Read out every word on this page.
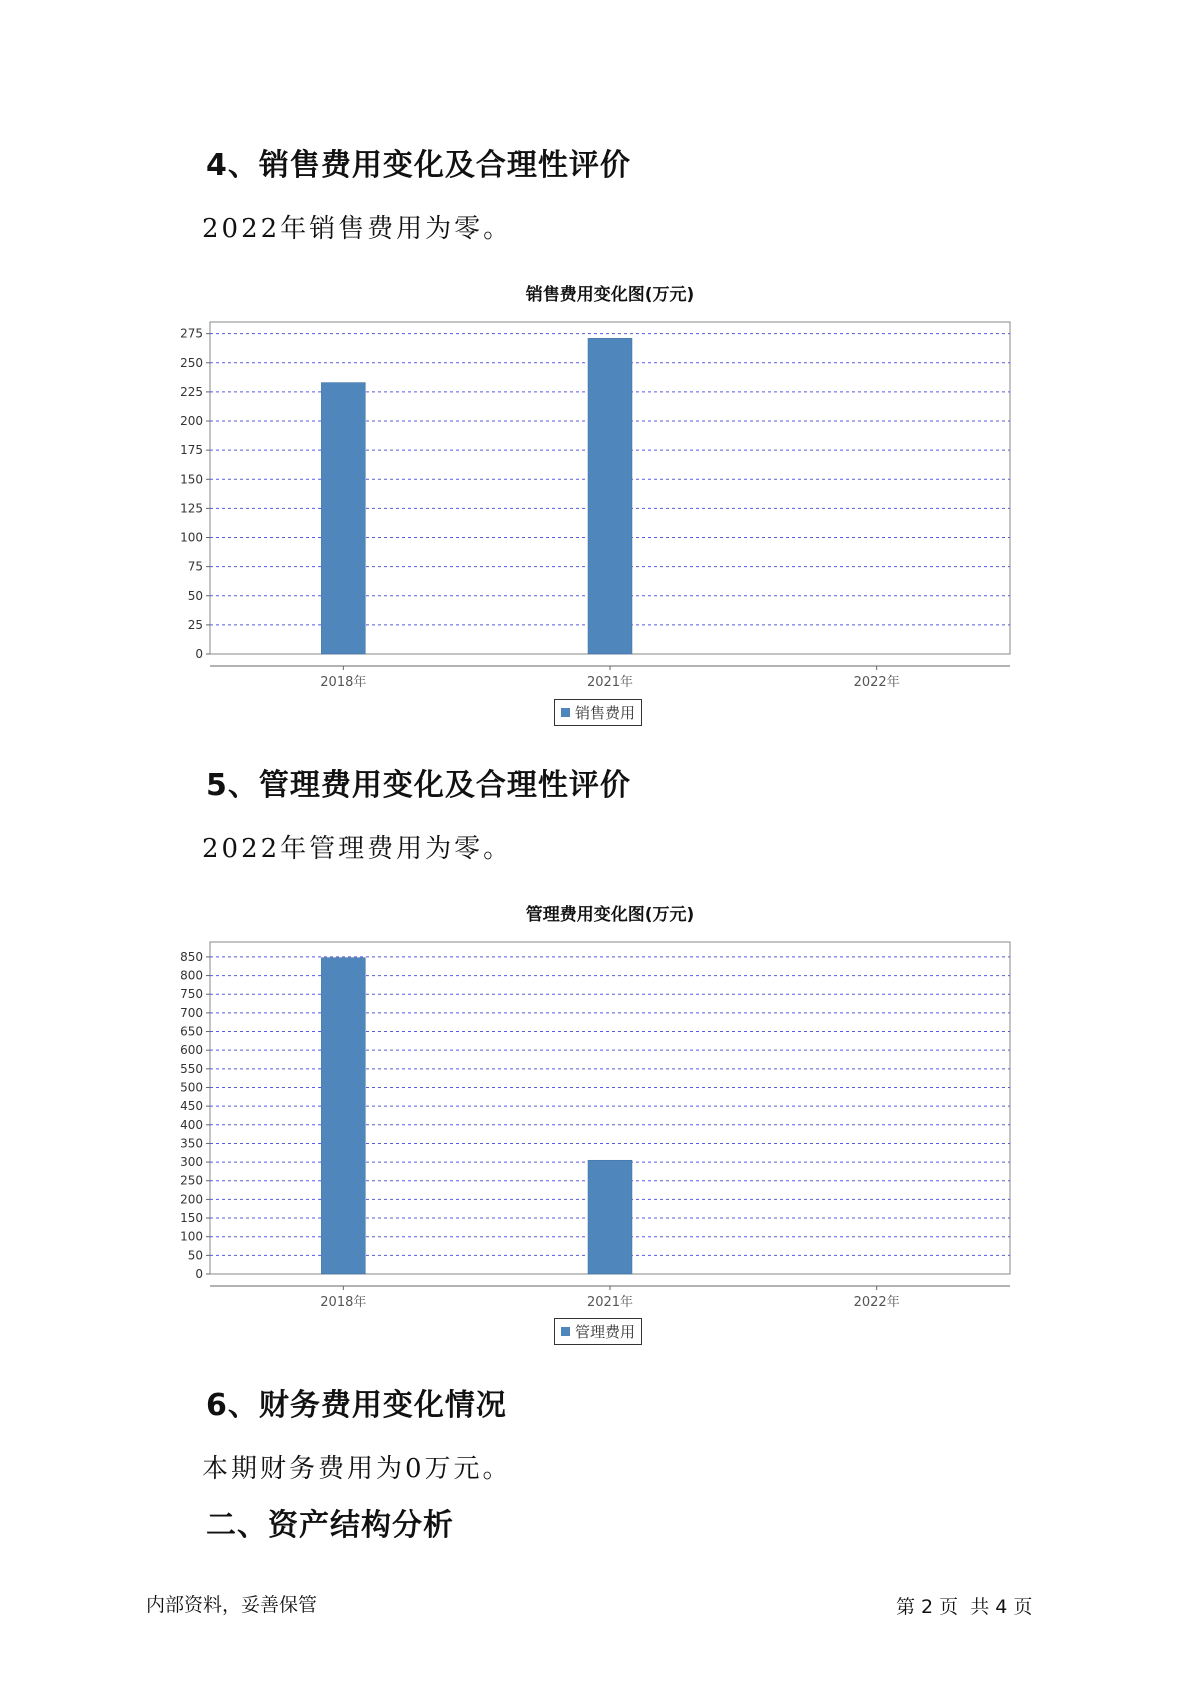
4、销售费用变化及合理性评价
2022年销售费用为零。
销售费用变化图(万元)
0
25
50
75
100
125
150
175
200
225
250
275
2018年	2021年	2022年
销售费用
5、管理费用变化及合理性评价
2022年管理费用为零。
管理费用变化图(万元)
0
50
100
150
200
250
300
350
400
450
500
550
600
650
700
750
800
850
2018年	2021年	2022年
管理费用
6、财务费用变化情况
本期财务费用为0万元。
二、资产结构分析
内部资料，妥善保管	第 2 页  共 4 页
